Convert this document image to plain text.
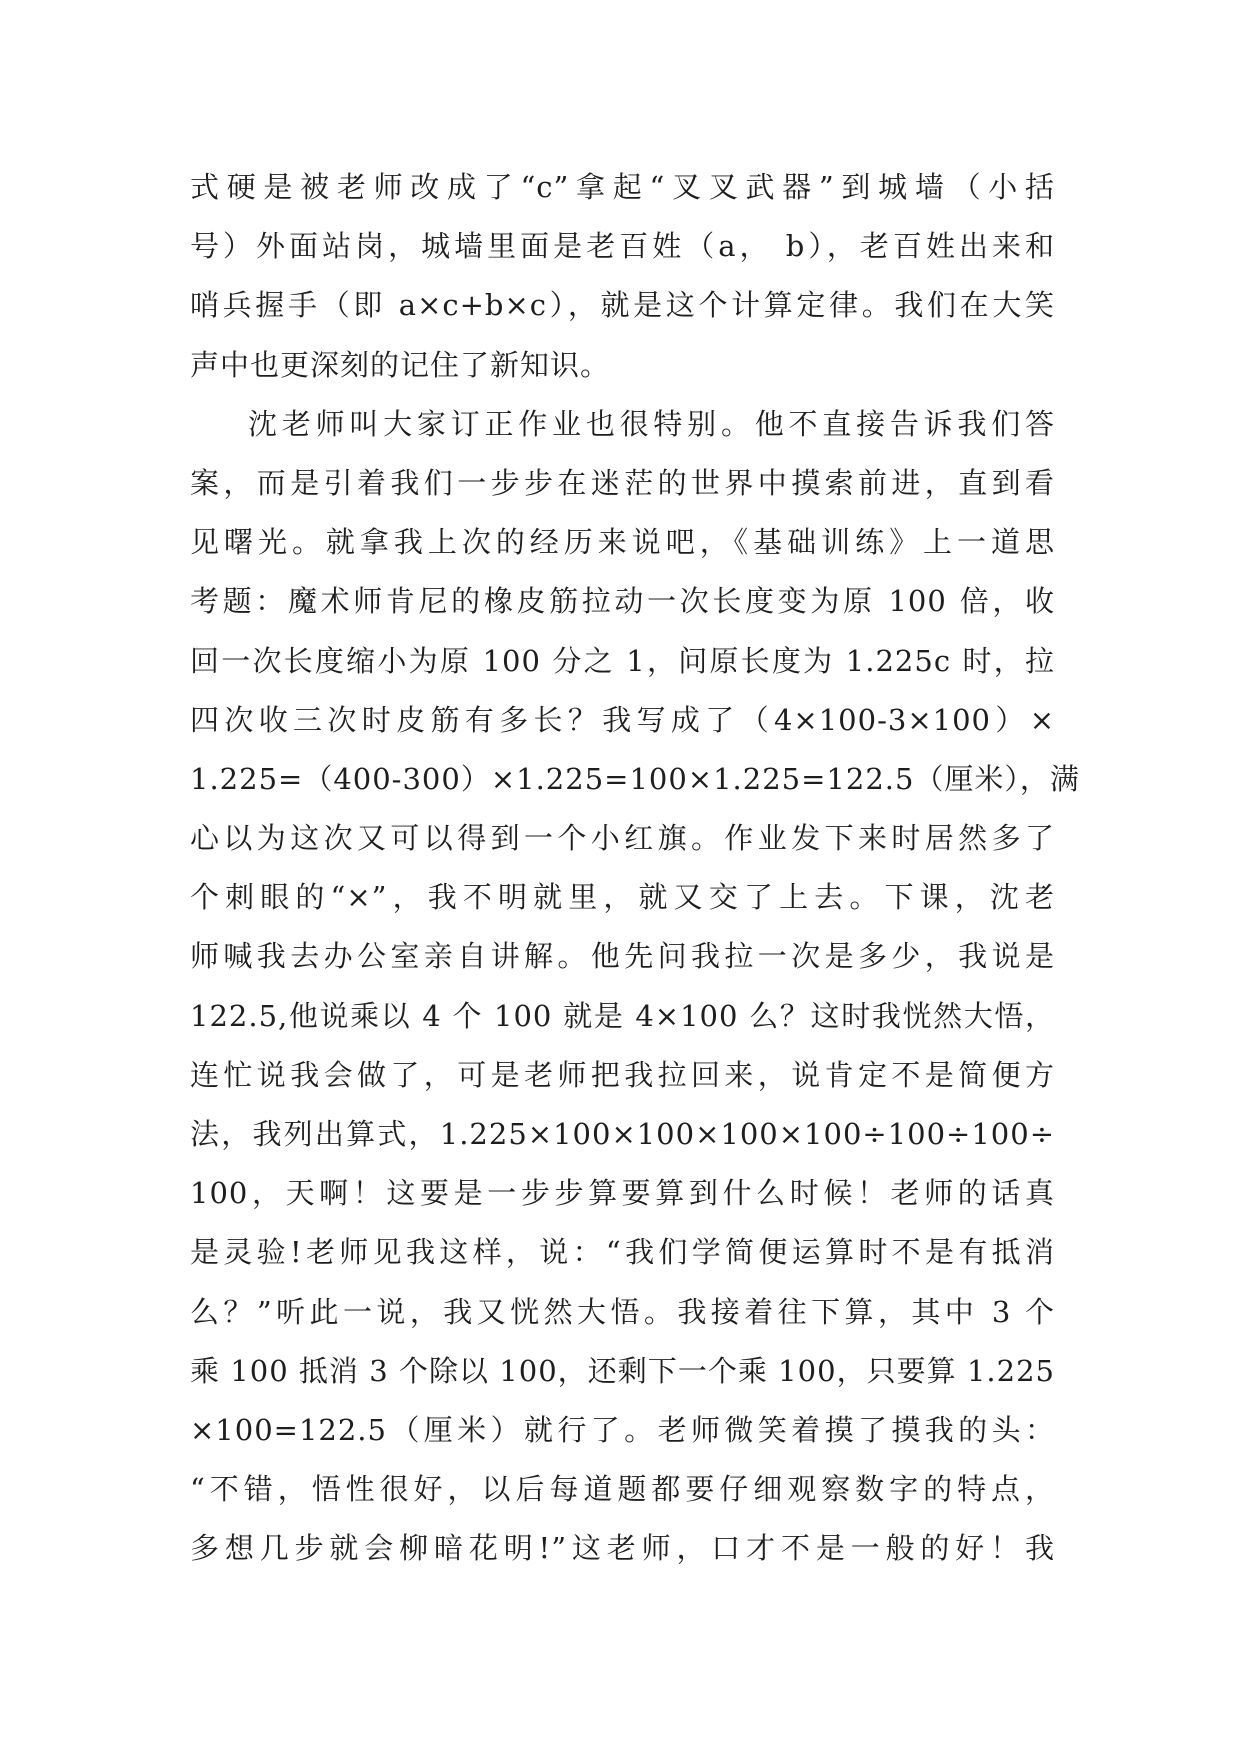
式硬是被老师改成了“c”拿起“叉叉武器”到城墙（小括
号）外面站岗，城墙里面是老百姓（a， b），老百姓出来和
哨兵握手（即 a×c+b×c），就是这个计算定律。我们在大笑
声中也更深刻的记住了新知识。
沈老师叫大家订正作业也很特别。他不直接告诉我们答
案，而是引着我们一步步在迷茫的世界中摸索前进，直到看
见曙光。就拿我上次的经历来说吧，《基础训练》上一道思
考题：魔术师肯尼的橡皮筋拉动一次长度变为原 100 倍，收
回一次长度缩小为原 100 分之 1，问原长度为 1.225c 时，拉
四次收三次时皮筋有多长？我写成了（4×100-3×100）×
1.225=（400-300）×1.225=100×1.225=122.5（厘米），满
心以为这次又可以得到一个小红旗。作业发下来时居然多了
个刺眼的“×”，我不明就里，就又交了上去。下课，沈老
师喊我去办公室亲自讲解。他先问我拉一次是多少，我说是
122.5,他说乘以 4 个 100 就是 4×100 么？这时我恍然大悟，
连忙说我会做了，可是老师把我拉回来，说肯定不是简便方
法，我列出算式，1.225×100×100×100×100÷100÷100÷
100，天啊！这要是一步步算要算到什么时候！老师的话真
是灵验!老师见我这样，说：“我们学简便运算时不是有抵消
么？”听此一说，我又恍然大悟。我接着往下算，其中 3 个
乘 100 抵消 3 个除以 100，还剩下一个乘 100，只要算 1.225
×100=122.5（厘米）就行了。老师微笑着摸了摸我的头：
“不错，悟性很好，以后每道题都要仔细观察数字的特点，
多想几步就会柳暗花明!”这老师，口才不是一般的好！我
